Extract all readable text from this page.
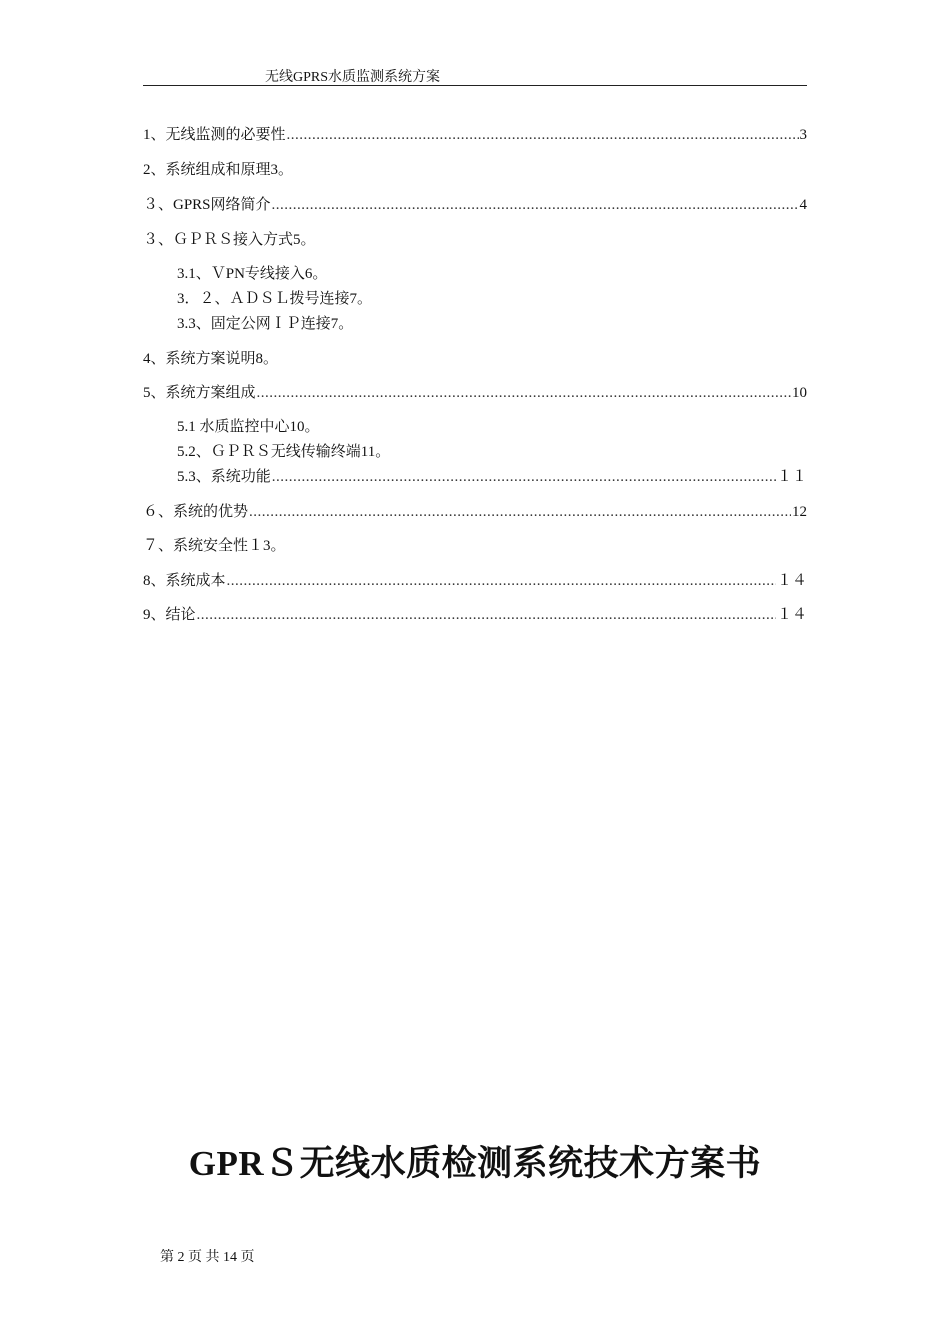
无线GPRS水质监测系统方案
1、无线监测的必要性 .....	3
2、系统组成和原理3。
３、GPRS网络简介 .....	4
３、ＧＰＲＳ接入方式5。
3.1、ＶPN专线接入6。
3．２、ＡＤＳＬ拨号连接7。
3.3、固定公网ＩＰ连接7。
4、系统方案说明8。
5、系统方案组成 .....	10
5.1 水质监控中心10。
5.2、ＧＰＲＳ无线传输终端11。
5.3、系统功能 .....	１１
６、系统的优势 .....	12
７、系统安全性１3。
8、系统成本 .....	１４
9、结论 .....	１４
GPRＳ无线水质检测系统技术方案书
第 2 页 共 14 页
